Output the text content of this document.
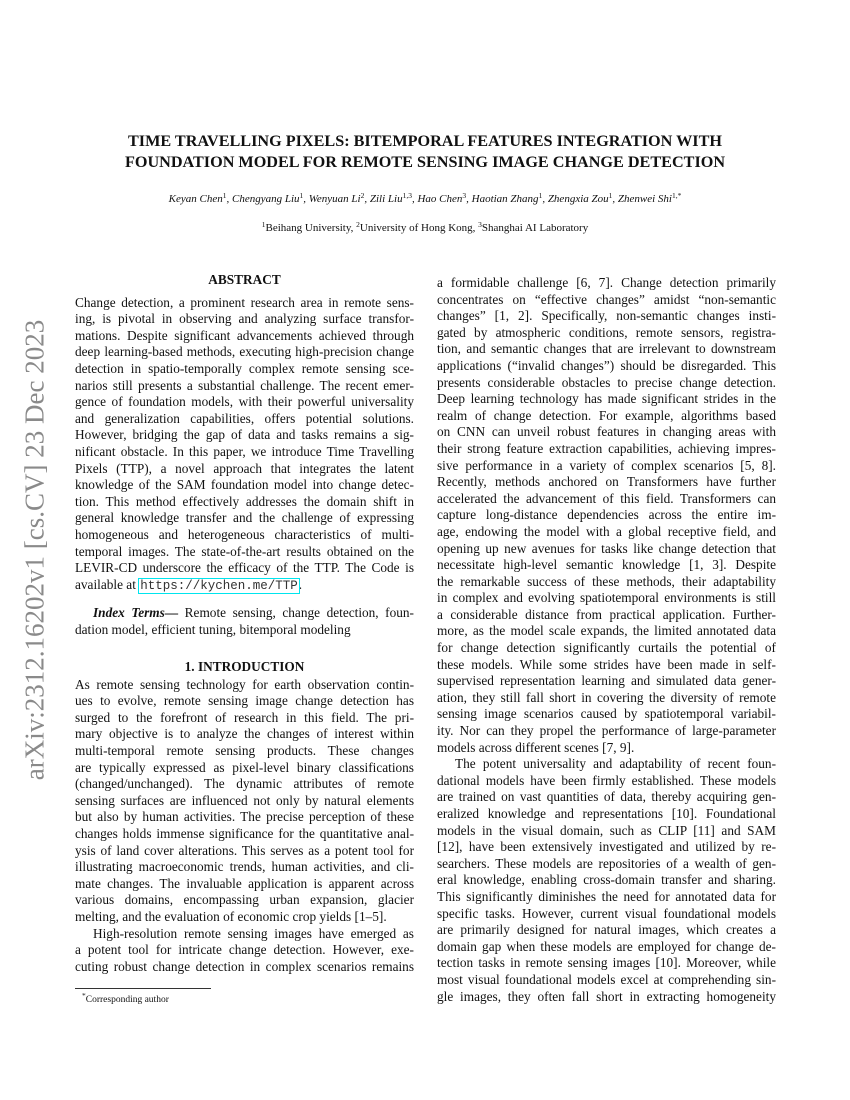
arXiv:2312.16202v1 [cs.CV] 23 Dec 2023
TIME TRAVELLING PIXELS: BITEMPORAL FEATURES INTEGRATION WITH
FOUNDATION MODEL FOR REMOTE SENSING IMAGE CHANGE DETECTION
Keyan Chen$^1$, Chengyang Liu$^1$, Wenyuan Li$^2$, Zili Liu$^{1,3}$, Hao Chen$^3$, Haotian Zhang$^1$, Zhengxia Zou$^1$, Zhenwei Shi$^{1,*}$
$^1$Beihang University, $^2$University of Hong Kong, $^3$Shanghai AI Laboratory
ABSTRACT
Change detection, a prominent research area in remote sens-
ing, is pivotal in observing and analyzing surface transfor-
mations. Despite significant advancements achieved through
deep learning-based methods, executing high-precision change
detection in spatio-temporally complex remote sensing sce-
narios still presents a substantial challenge. The recent emer-
gence of foundation models, with their powerful universality
and generalization capabilities, offers potential solutions.
However, bridging the gap of data and tasks remains a sig-
nificant obstacle. In this paper, we introduce Time Travelling
Pixels (TTP), a novel approach that integrates the latent
knowledge of the SAM foundation model into change detec-
tion. This method effectively addresses the domain shift in
general knowledge transfer and the challenge of expressing
homogeneous and heterogeneous characteristics of multi-
temporal images. The state-of-the-art results obtained on the
LEVIR-CD underscore the efficacy of the TTP. The Code is
available at https://kychen.me/TTP.
Index Terms— Remote sensing, change detection, foun-
dation model, efficient tuning, bitemporal modeling
1. INTRODUCTION
As remote sensing technology for earth observation contin-
ues to evolve, remote sensing image change detection has
surged to the forefront of research in this field. The pri-
mary objective is to analyze the changes of interest within
multi-temporal remote sensing products. These changes
are typically expressed as pixel-level binary classifications
(changed/unchanged). The dynamic attributes of remote
sensing surfaces are influenced not only by natural elements
but also by human activities. The precise perception of these
changes holds immense significance for the quantitative anal-
ysis of land cover alterations. This serves as a potent tool for
illustrating macroeconomic trends, human activities, and cli-
mate changes. The invaluable application is apparent across
various domains, encompassing urban expansion, glacier
melting, and the evaluation of economic crop yields [1–5].
High-resolution remote sensing images have emerged as
a potent tool for intricate change detection. However, exe-
cuting robust change detection in complex scenarios remains
*Corresponding author
a formidable challenge [6, 7]. Change detection primarily
concentrates on “effective changes” amidst “non-semantic
changes” [1, 2]. Specifically, non-semantic changes insti-
gated by atmospheric conditions, remote sensors, registra-
tion, and semantic changes that are irrelevant to downstream
applications (“invalid changes”) should be disregarded. This
presents considerable obstacles to precise change detection.
Deep learning technology has made significant strides in the
realm of change detection. For example, algorithms based
on CNN can unveil robust features in changing areas with
their strong feature extraction capabilities, achieving impres-
sive performance in a variety of complex scenarios [5, 8].
Recently, methods anchored on Transformers have further
accelerated the advancement of this field. Transformers can
capture long-distance dependencies across the entire im-
age, endowing the model with a global receptive field, and
opening up new avenues for tasks like change detection that
necessitate high-level semantic knowledge [1, 3]. Despite
the remarkable success of these methods, their adaptability
in complex and evolving spatiotemporal environments is still
a considerable distance from practical application. Further-
more, as the model scale expands, the limited annotated data
for change detection significantly curtails the potential of
these models. While some strides have been made in self-
supervised representation learning and simulated data gener-
ation, they still fall short in covering the diversity of remote
sensing image scenarios caused by spatiotemporal variabil-
ity. Nor can they propel the performance of large-parameter
models across different scenes [7, 9].
The potent universality and adaptability of recent foun-
dational models have been firmly established. These models
are trained on vast quantities of data, thereby acquiring gen-
eralized knowledge and representations [10]. Foundational
models in the visual domain, such as CLIP [11] and SAM
[12], have been extensively investigated and utilized by re-
searchers. These models are repositories of a wealth of gen-
eral knowledge, enabling cross-domain transfer and sharing.
This significantly diminishes the need for annotated data for
specific tasks. However, current visual foundational models
are primarily designed for natural images, which creates a
domain gap when these models are employed for change de-
tection tasks in remote sensing images [10]. Moreover, while
most visual foundational models excel at comprehending sin-
gle images, they often fall short in extracting homogeneity
